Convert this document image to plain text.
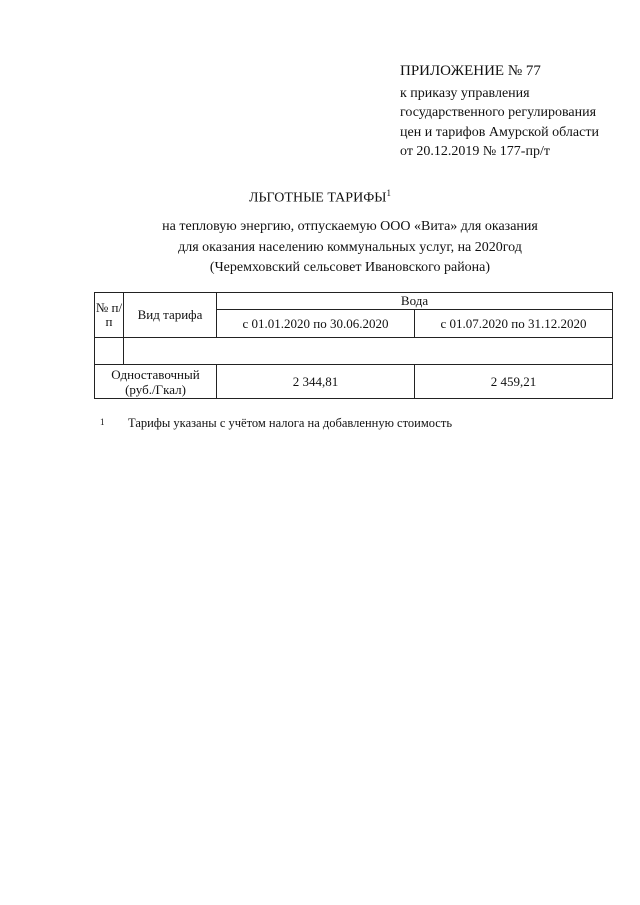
ПРИЛОЖЕНИЕ № 77
к приказу управления
государственного регулирования
цен и тарифов Амурской области
от 20.12.2019 № 177-пр/т
ЛЬГОТНЫЕ ТАРИФЫ$^1$
на тепловую энергию, отпускаемую ООО «Вита» для оказания
для оказания населению коммунальных услуг, на 2020год
(Черемховский сельсовет Ивановского района)
№ п/п	Вид тарифа	Вода	
		с 01.01.2020 по 30.06.2020	с 01.07.2020 по 31.12.2020

Одноставочный (руб./Гкал)		2 344,81	2 459,21
1 Тарифы указаны с учётом налога на добавленную стоимость
